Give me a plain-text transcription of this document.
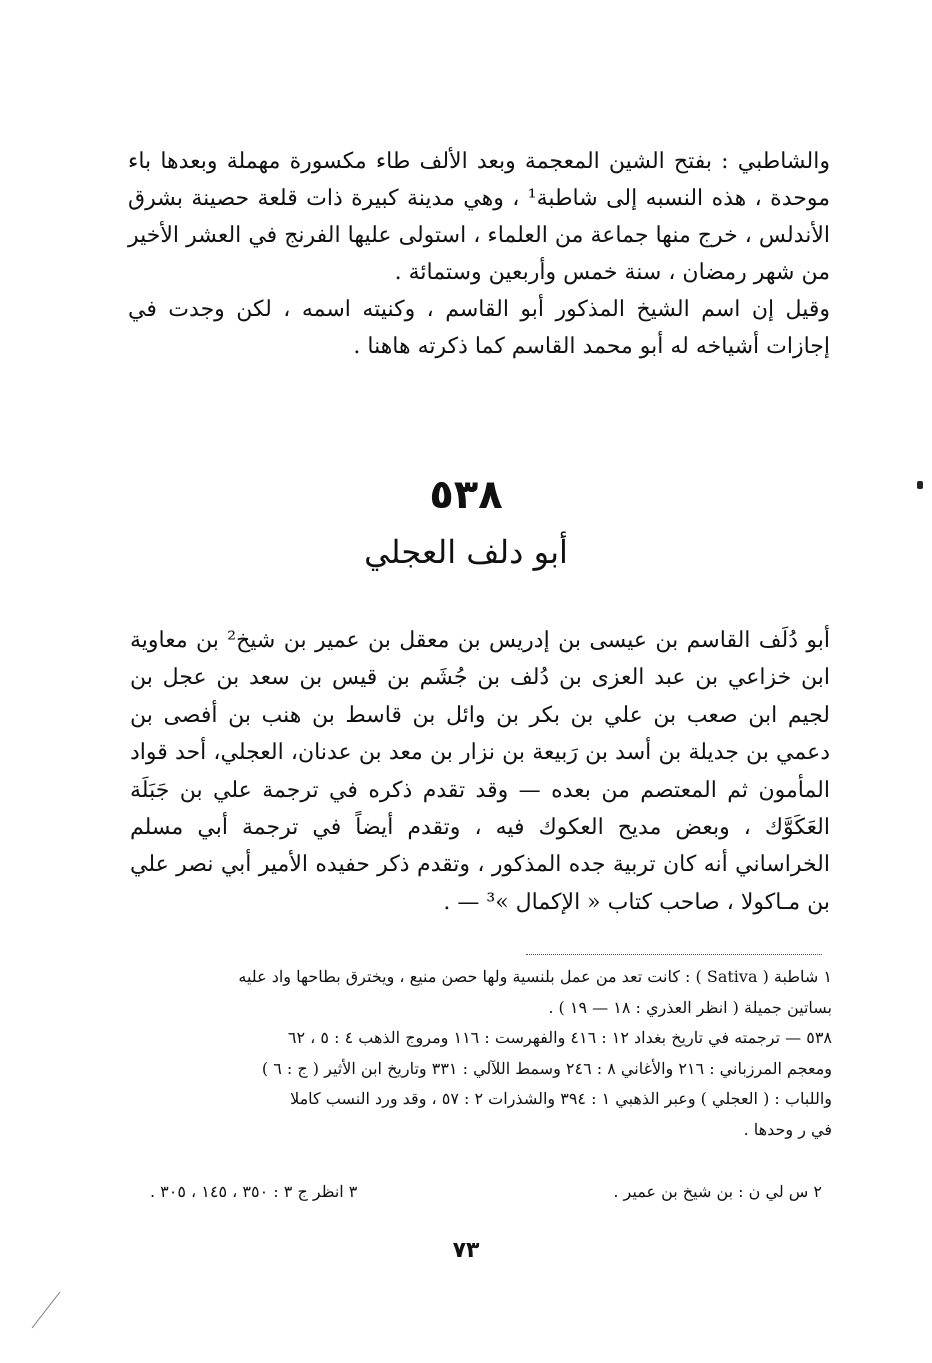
والشاطبي : بفتح الشين المعجمة وبعد الألف طاء مكسورة مهملة وبعدها باء موحدة ، هذه النسبه إلى شاطبة¹ ، وهي مدينة كبيرة ذات قلعة حصينة بشرق الأندلس ، خرج منها جماعة من العلماء ، استولى عليها الفرنج في العشر الأخير من شهر رمضان ، سنة خمس وأربعين وستمائة .

وقيل إن اسم الشيخ المذكور أبو القاسم ، وكنيته اسمه ، لكن وجدت في إجازات أشياخه له أبو محمد القاسم كما ذكرته هاهنا .

٥٣٨
أبو دلف العجلي

أبو دُلَف القاسم بن عيسى بن إدريس بن معقل بن عمير بن شيخ² بن معاوية ابن خزاعي بن عبد العزى بن دُلف بن جُشَم بن قيس بن سعد بن عجل بن لجيم ابن صعب بن علي بن بكر بن وائل بن قاسط بن هنب بن أفصى بن دعمي بن جديلة بن أسد بن رَبيعة بن نزار بن معد بن عدنان، العجلي، أحد قواد المأمون ثم المعتصم من بعده — وقد تقدم ذكره في ترجمة علي بن جَبَلَة العَكَوَّك ، وبعض مديح العكوك فيه ، وتقدم أيضاً في ترجمة أبي مسلم الخراساني أنه كان تربية جده المذكور ، وتقدم ذكر حفيده الأمير أبي نصر علي بن مـاكولا ، صاحب كتاب « الإكمال »³ — .

١ شاطبة ( Sativa ) : كانت تعد من عمل بلنسية ولها حصن منيع ، ويخترق بطاحها واد عليه

بساتين جميلة ( انظر العذري : ١٨ — ١٩ ) .

٥٣٨ — ترجمته في تاريخ بغداد ١٢ : ٤١٦ والفهرست : ١١٦ ومروج الذهب ٤ : ٥ ، ٦٢

ومعجم المرزباني : ٢١٦ والأغاني ٨ : ٢٤٦ وسمط اللآلي : ٣٣١ وتاريخ ابن الأثير ( ج : ٦ )

واللباب : ( العجلي ) وعبر الذهبي ١ : ٣٩٤ والشذرات ٢ : ٥٧ ، وقد ورد النسب كاملا

في ر وحدها .

٢ س لي ن : بن شيخ بن عمير .
٣ انظر ج ٣ : ٣٥٠ ، ١٤٥ ، ٣٠٥ .
٧٣
